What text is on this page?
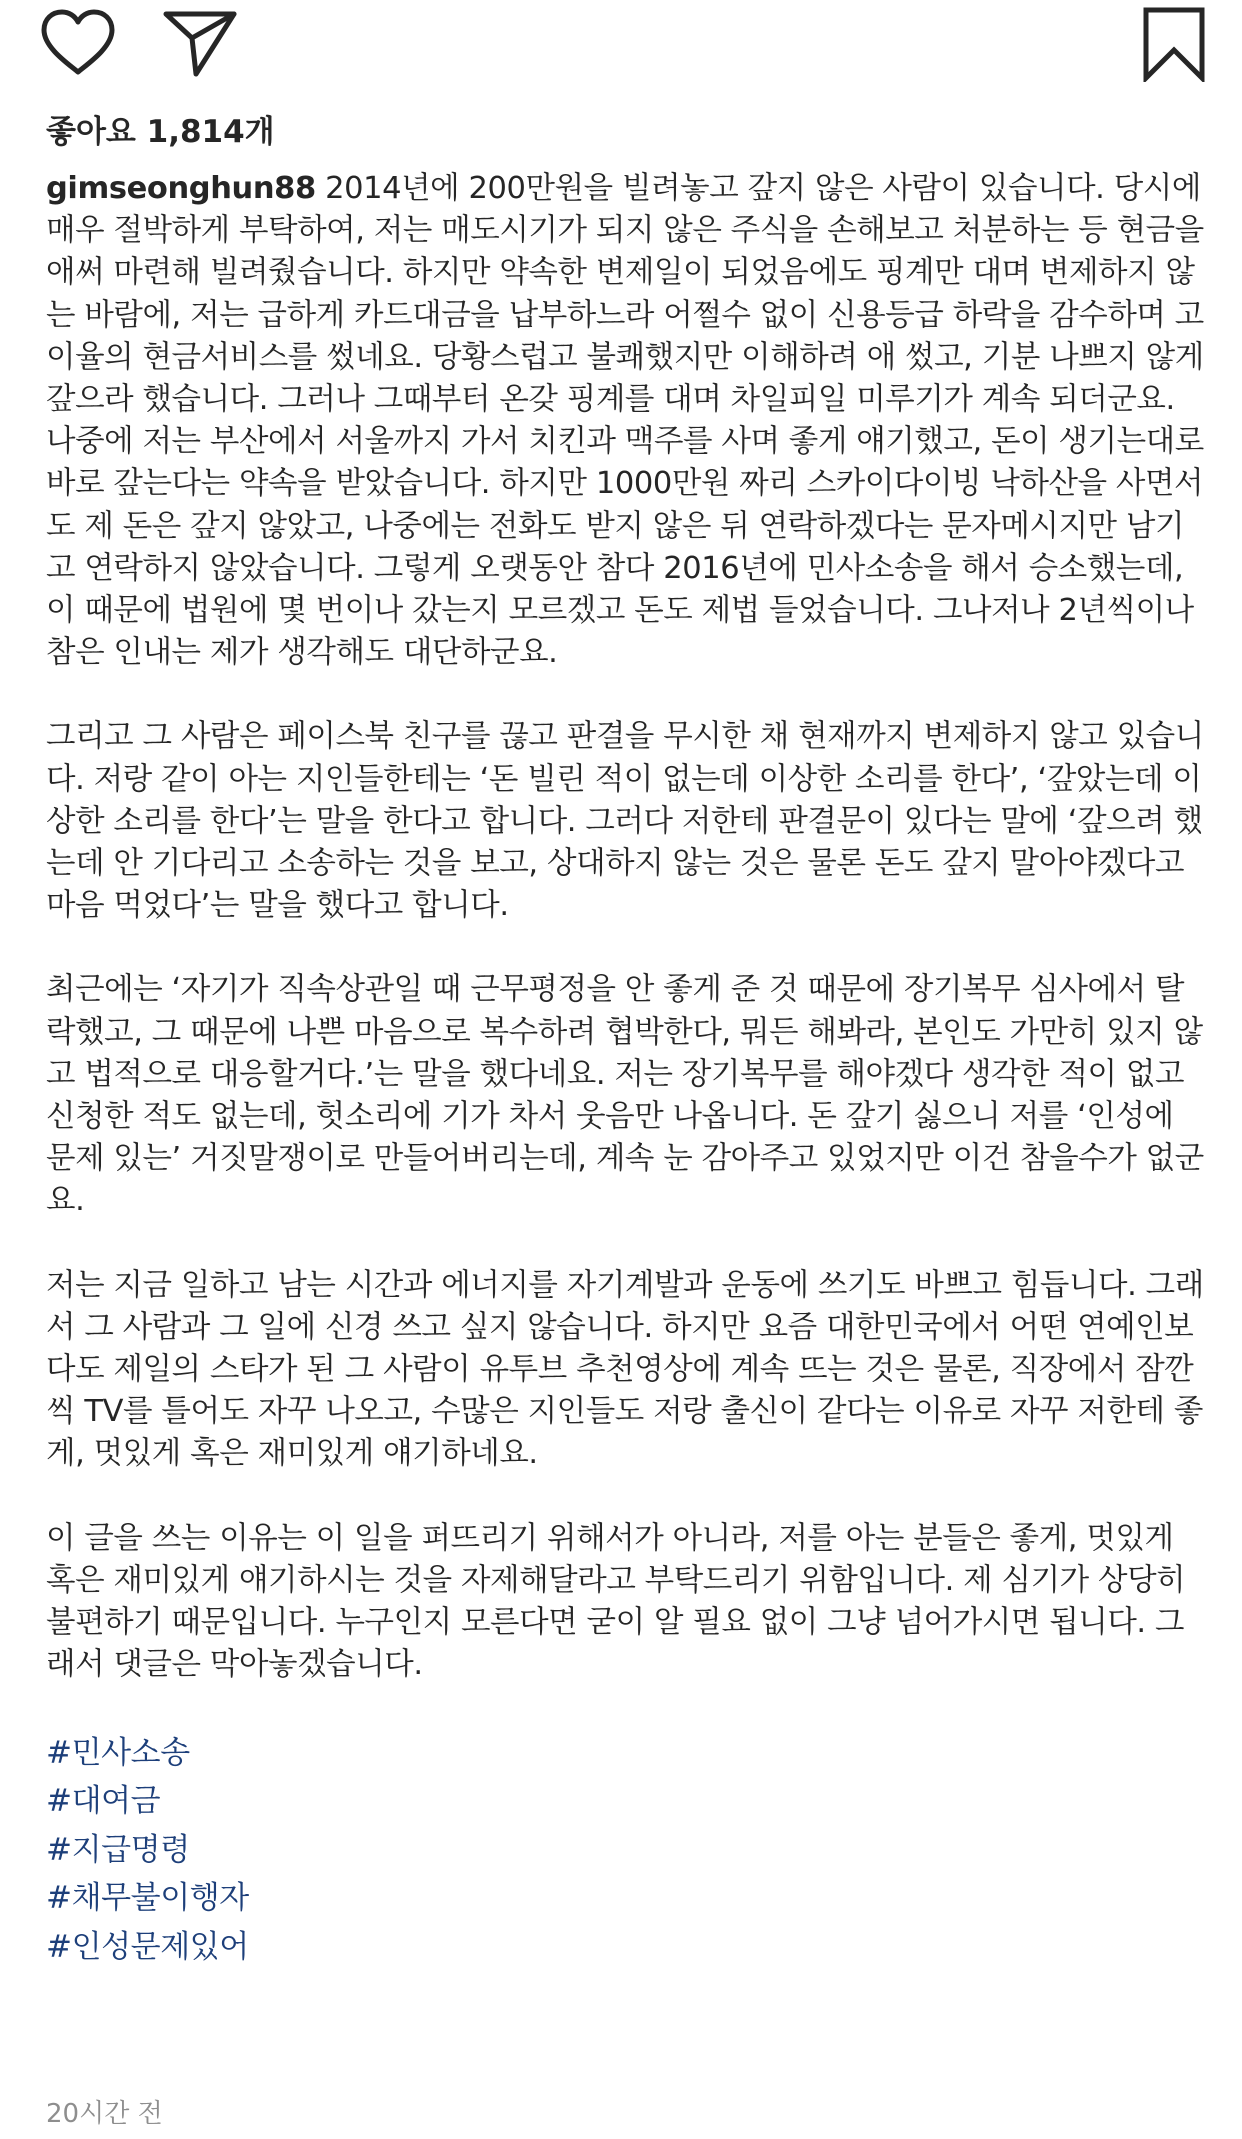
좋아요 1,814개

gimseonghun88 2014년에 200만원을 빌려놓고 갚지 않은 사람이 있습니다. 당시에 매우 절박하게 부탁하여, 저는 매도시기가 되지 않은 주식을 손해보고 처분하는 등 현금을 애써 마련해 빌려줬습니다. 하지만 약속한 변제일이 되었음에도 핑계만 대며 변제하지 않는 바람에, 저는 급하게 카드대금을 납부하느라 어쩔수 없이 신용등급 하락을 감수하며 고이율의 현금서비스를 썼네요. 당황스럽고 불쾌했지만 이해하려 애 썼고, 기분 나쁘지 않게 갚으라 했습니다. 그러나 그때부터 온갖 핑계를 대며 차일피일 미루기가 계속 되더군요. 나중에 저는 부산에서 서울까지 가서 치킨과 맥주를 사며 좋게 얘기했고, 돈이 생기는대로 바로 갚는다는 약속을 받았습니다. 하지만 1000만원 짜리 스카이다이빙 낙하산을 사면서도 제 돈은 갚지 않았고, 나중에는 전화도 받지 않은 뒤 연락하겠다는 문자메시지만 남기고 연락하지 않았습니다. 그렇게 오랫동안 참다 2016년에 민사소송을 해서 승소했는데, 이 때문에 법원에 몇 번이나 갔는지 모르겠고 돈도 제법 들었습니다. 그나저나 2년씩이나 참은 인내는 제가 생각해도 대단하군요.

그리고 그 사람은 페이스북 친구를 끊고 판결을 무시한 채 현재까지 변제하지 않고 있습니다. 저랑 같이 아는 지인들한테는 ‘돈 빌린 적이 없는데 이상한 소리를 한다’, ‘갚았는데 이상한 소리를 한다’는 말을 한다고 합니다. 그러다 저한테 판결문이 있다는 말에 ‘갚으려 했는데 안 기다리고 소송하는 것을 보고, 상대하지 않는 것은 물론 돈도 갚지 말아야겠다고 마음 먹었다’는 말을 했다고 합니다.

최근에는 ‘자기가 직속상관일 때 근무평정을 안 좋게 준 것 때문에 장기복무 심사에서 탈락했고, 그 때문에 나쁜 마음으로 복수하려 협박한다, 뭐든 해봐라, 본인도 가만히 있지 않고 법적으로 대응할거다.’는 말을 했다네요. 저는 장기복무를 해야겠다 생각한 적이 없고 신청한 적도 없는데, 헛소리에 기가 차서 웃음만 나옵니다. 돈 갚기 싫으니 저를 ‘인성에 문제 있는’ 거짓말쟁이로 만들어버리는데, 계속 눈 감아주고 있었지만 이건 참을수가 없군요.

저는 지금 일하고 남는 시간과 에너지를 자기계발과 운동에 쓰기도 바쁘고 힘듭니다. 그래서 그 사람과 그 일에 신경 쓰고 싶지 않습니다. 하지만 요즘 대한민국에서 어떤 연예인보다도 제일의 스타가 된 그 사람이 유투브 추천영상에 계속 뜨는 것은 물론, 직장에서 잠깐씩 TV를 틀어도 자꾸 나오고, 수많은 지인들도 저랑 출신이 같다는 이유로 자꾸 저한테 좋게, 멋있게 혹은 재미있게 얘기하네요.

이 글을 쓰는 이유는 이 일을 퍼뜨리기 위해서가 아니라, 저를 아는 분들은 좋게, 멋있게 혹은 재미있게 얘기하시는 것을 자제해달라고 부탁드리기 위함입니다. 제 심기가 상당히 불편하기 때문입니다. 누구인지 모른다면 굳이 알 필요 없이 그냥 넘어가시면 됩니다. 그래서 댓글은 막아놓겠습니다.

#민사소송
#대여금
#지급명령
#채무불이행자
#인성문제있어
20시간 전
